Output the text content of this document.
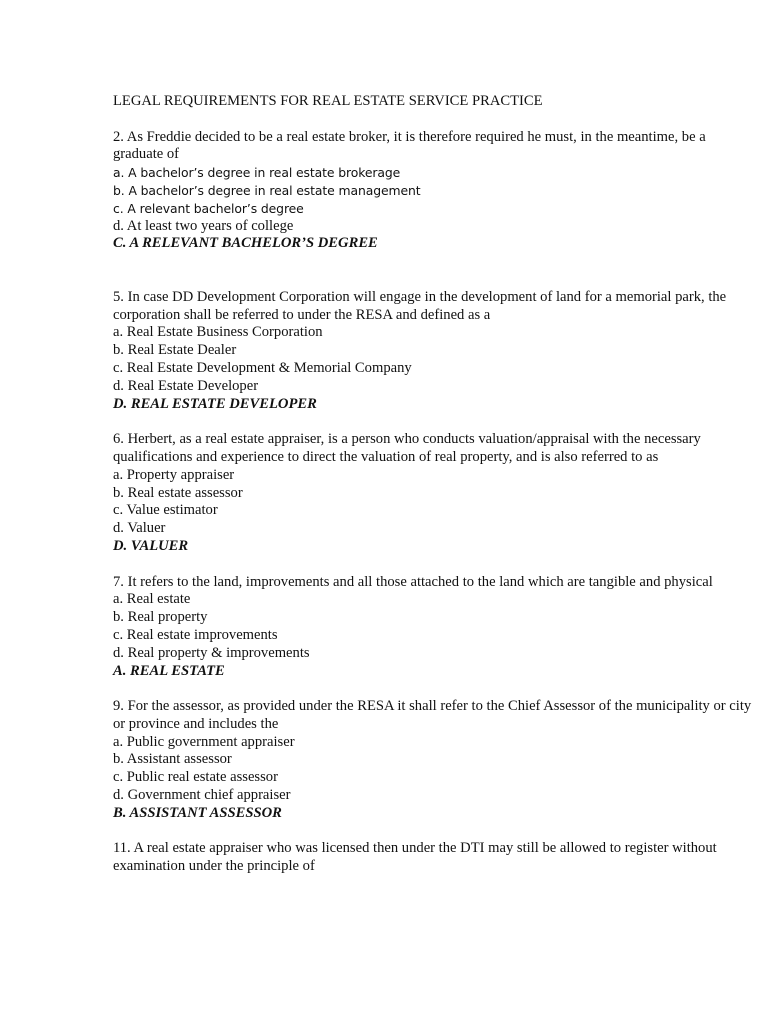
LEGAL REQUIREMENTS FOR REAL ESTATE SERVICE PRACTICE
2. As Freddie decided to be a real estate broker, it is therefore required he must, in the meantime, be a graduate of
a. A bachelor’s degree in real estate brokerage
b. A bachelor’s degree in real estate management
c. A relevant bachelor’s degree
d. At least two years of college
C. A RELEVANT BACHELOR’S DEGREE
5. In case DD Development Corporation will engage in the development of land for a memorial park, the corporation shall be referred to under the RESA and defined as a
a. Real Estate Business Corporation
b. Real Estate Dealer
c. Real Estate Development & Memorial Company
d. Real Estate Developer
D. REAL ESTATE DEVELOPER
6. Herbert, as a real estate appraiser, is a person who conducts valuation/appraisal with the necessary qualifications and experience to direct the valuation of real property, and is also referred to as
a. Property appraiser
b. Real estate assessor
c. Value estimator
d. Valuer
D. VALUER
7. It refers to the land, improvements and all those attached to the land which are tangible and physical
a. Real estate
b. Real property
c. Real estate improvements
d. Real property & improvements
A. REAL ESTATE
9. For the assessor, as provided under the RESA it shall refer to the Chief Assessor of the municipality or city or province and includes the
a. Public government appraiser
b. Assistant assessor
c. Public real estate assessor
d. Government chief appraiser
B. ASSISTANT ASSESSOR
11. A real estate appraiser who was licensed then under the DTI may still be allowed to register without examination under the principle of
